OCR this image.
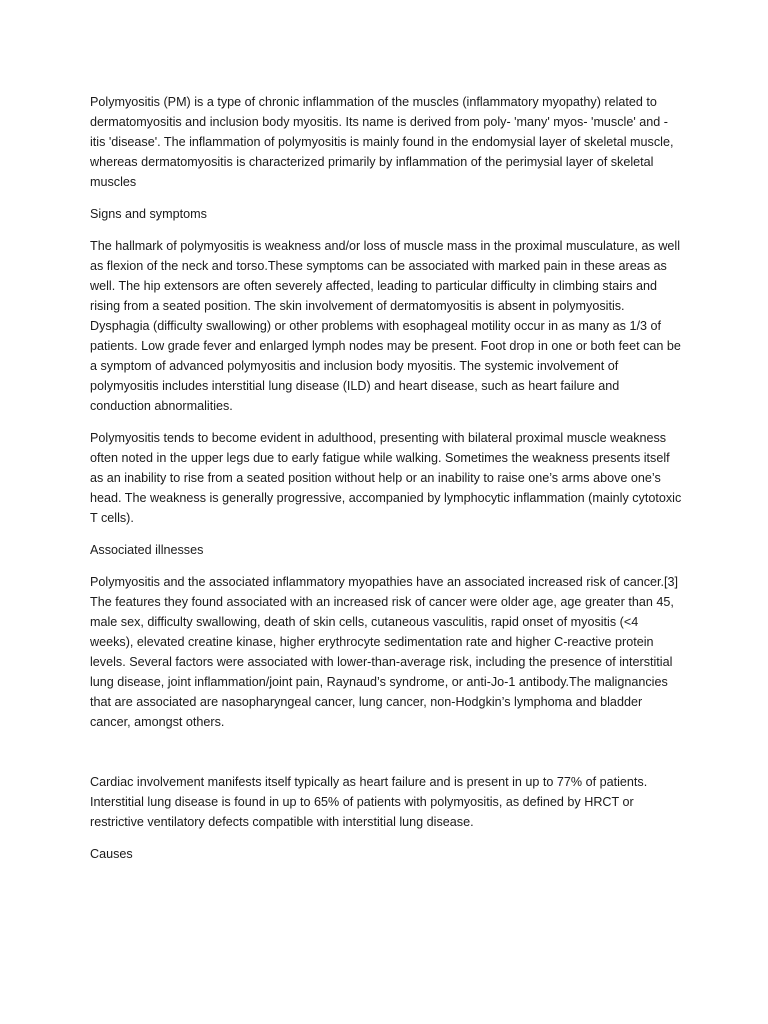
Polymyositis (PM) is a type of chronic inflammation of the muscles (inflammatory myopathy) related to dermatomyositis and inclusion body myositis. Its name is derived from poly- 'many' myos- 'muscle' and -itis 'disease'. The inflammation of polymyositis is mainly found in the endomysial layer of skeletal muscle, whereas dermatomyositis is characterized primarily by inflammation of the perimysial layer of skeletal muscles

Signs and symptoms

The hallmark of polymyositis is weakness and/or loss of muscle mass in the proximal musculature, as well as flexion of the neck and torso.These symptoms can be associated with marked pain in these areas as well. The hip extensors are often severely affected, leading to particular difficulty in climbing stairs and rising from a seated position. The skin involvement of dermatomyositis is absent in polymyositis. Dysphagia (difficulty swallowing) or other problems with esophageal motility occur in as many as 1/3 of patients. Low grade fever and enlarged lymph nodes may be present. Foot drop in one or both feet can be a symptom of advanced polymyositis and inclusion body myositis. The systemic involvement of polymyositis includes interstitial lung disease (ILD) and heart disease, such as heart failure and conduction abnormalities.

Polymyositis tends to become evident in adulthood, presenting with bilateral proximal muscle weakness often noted in the upper legs due to early fatigue while walking. Sometimes the weakness presents itself as an inability to rise from a seated position without help or an inability to raise one’s arms above one’s head. The weakness is generally progressive, accompanied by lymphocytic inflammation (mainly cytotoxic T cells).

Associated illnesses

Polymyositis and the associated inflammatory myopathies have an associated increased risk of cancer.[3] The features they found associated with an increased risk of cancer were older age, age greater than 45, male sex, difficulty swallowing, death of skin cells, cutaneous vasculitis, rapid onset of myositis (<4 weeks), elevated creatine kinase, higher erythrocyte sedimentation rate and higher C-reactive protein levels. Several factors were associated with lower-than-average risk, including the presence of interstitial lung disease, joint inflammation/joint pain, Raynaud’s syndrome, or anti-Jo-1 antibody.The malignancies that are associated are nasopharyngeal cancer, lung cancer, non-Hodgkin’s lymphoma and bladder cancer, amongst others.

Cardiac involvement manifests itself typically as heart failure and is present in up to 77% of patients. Interstitial lung disease is found in up to 65% of patients with polymyositis, as defined by HRCT or restrictive ventilatory defects compatible with interstitial lung disease.

Causes
